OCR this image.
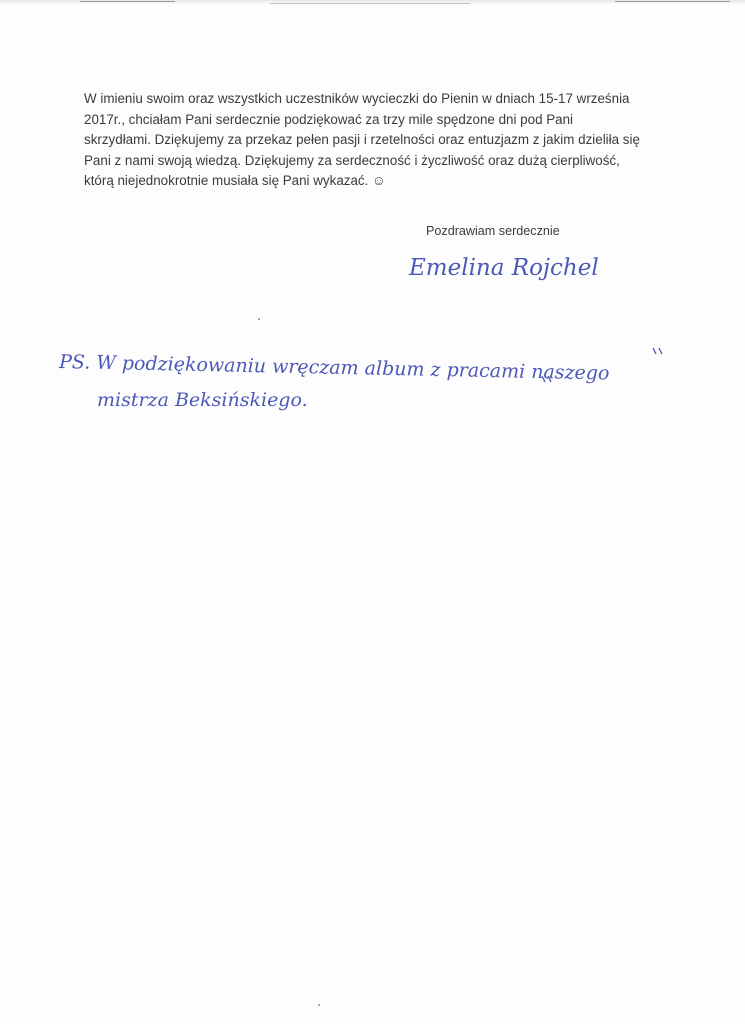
W imieniu swoim oraz wszystkich uczestników wycieczki do Pienin w dniach 15-17 września
2017r., chciałam Pani serdecznie podziękować za trzy mile spędzone dni pod Pani
skrzydłami. Dziękujemy za przekaz pełen pasji i rzetelności oraz entuzjazm z jakim dzieliła się
Pani z nami swoją wiedzą. Dziękujemy za serdeczność i życzliwość oraz dużą cierpliwość,
którą niejednokrotnie musiała się Pani wykazać. ☺
Pozdrawiam serdecznie
Emelina Rojchel
PS. W podziękowaniu wręczam album z pracami naszego
mistrza Beksińskiego.
